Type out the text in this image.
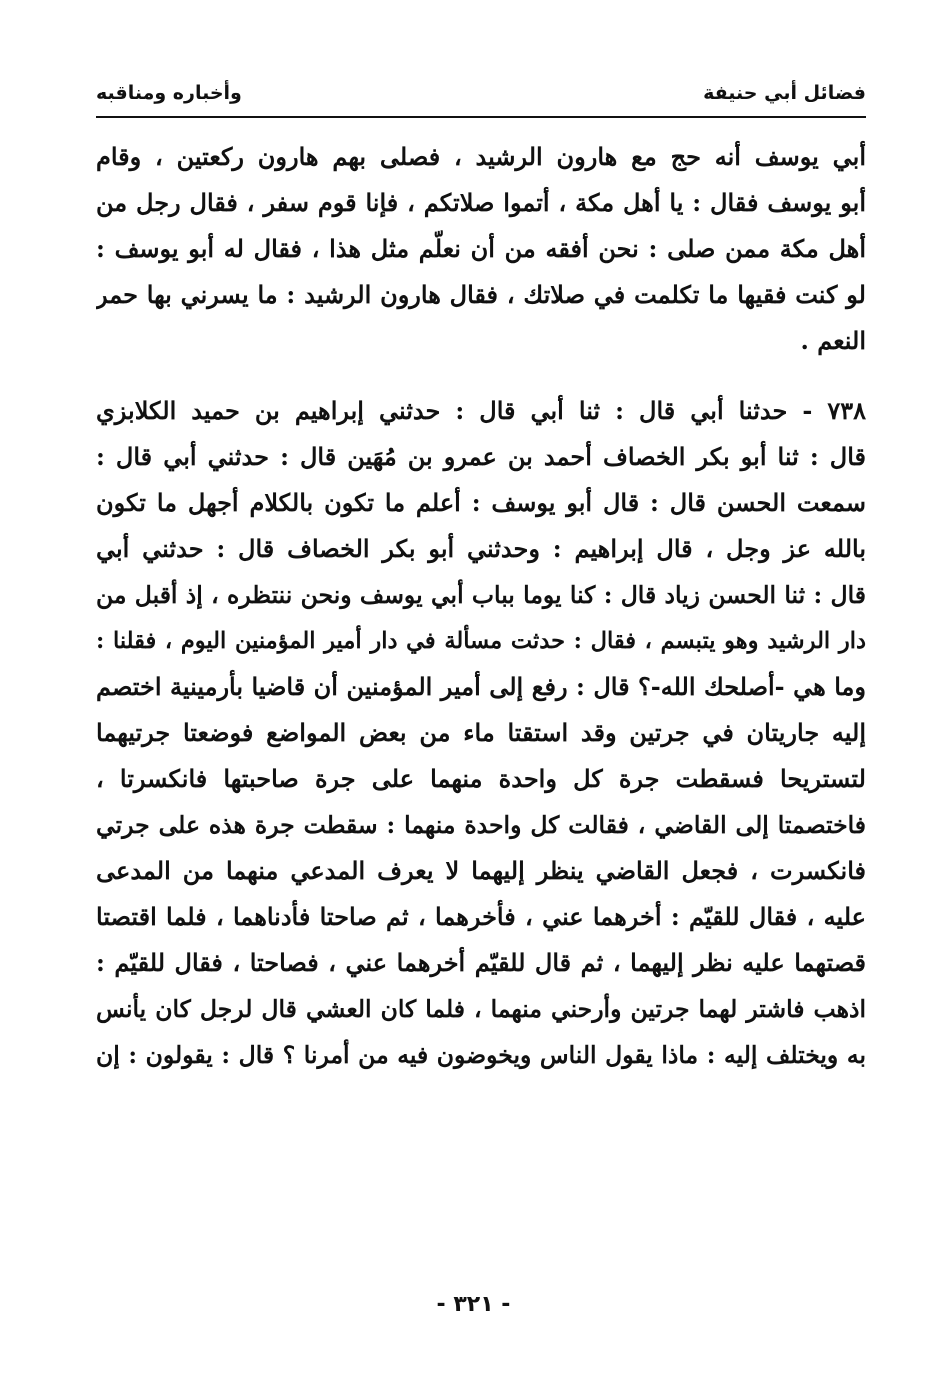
فضائل أبي حنيفة
وأخباره ومناقبه
أبي يوسف أنه حج مع هارون الرشيد ، فصلى بهم هارون ركعتين ، وقام
أبو يوسف فقال : يا أهل مكة ، أتموا صلاتكم ، فإنا قوم سفر ، فقال رجل من
أهل مكة ممن صلى : نحن أفقه من أن نعلّم مثل هذا ، فقال له أبو يوسف :
لو كنت فقيها ما تكلمت في صلاتك ، فقال هارون الرشيد : ما يسرني بها حمر
النعم .
٧٣٨ - حدثنا أبي قال : ثنا أبي قال : حدثني إبراهيم بن حميد الكلابزي
قال : ثنا أبو بكر الخصاف أحمد بن عمرو بن مُهَين قال : حدثني أبي قال :
سمعت الحسن قال : قال أبو يوسف : أعلم ما تكون بالكلام أجهل ما تكون
بالله عز وجل ، قال إبراهيم : وحدثني أبو بكر الخصاف قال : حدثني أبي
قال : ثنا الحسن زياد قال : كنا يوما بباب أبي يوسف ونحن ننتظره ، إذ أقبل من
دار الرشيد وهو يتبسم ، فقال : حدثت مسألة في دار أمير المؤمنين اليوم ، فقلنا :
وما هي -أصلحك الله-؟ قال : رفع إلى أمير المؤمنين أن قاضيا بأرمينية اختصم
إليه جاريتان في جرتين وقد استقتا ماء من بعض المواضع فوضعتا جرتيهما
لتستريحا فسقطت جرة كل واحدة منهما على جرة صاحبتها فانكسرتا ،
فاختصمتا إلى القاضي ، فقالت كل واحدة منهما : سقطت جرة هذه على جرتي
فانكسرت ، فجعل القاضي ينظر إليهما لا يعرف المدعي منهما من المدعى
عليه ، فقال للقيّم : أخرهما عني ، فأخرهما ، ثم صاحتا فأدناهما ، فلما اقتصتا
قصتهما عليه نظر إليهما ، ثم قال للقيّم أخرهما عني ، فصاحتا ، فقال للقيّم :
اذهب فاشتر لهما جرتين وأرحني منهما ، فلما كان العشي قال لرجل كان يأنس
به ويختلف إليه : ماذا يقول الناس ويخوضون فيه من أمرنا ؟ قال : يقولون : إن
- ٣٢١ -
